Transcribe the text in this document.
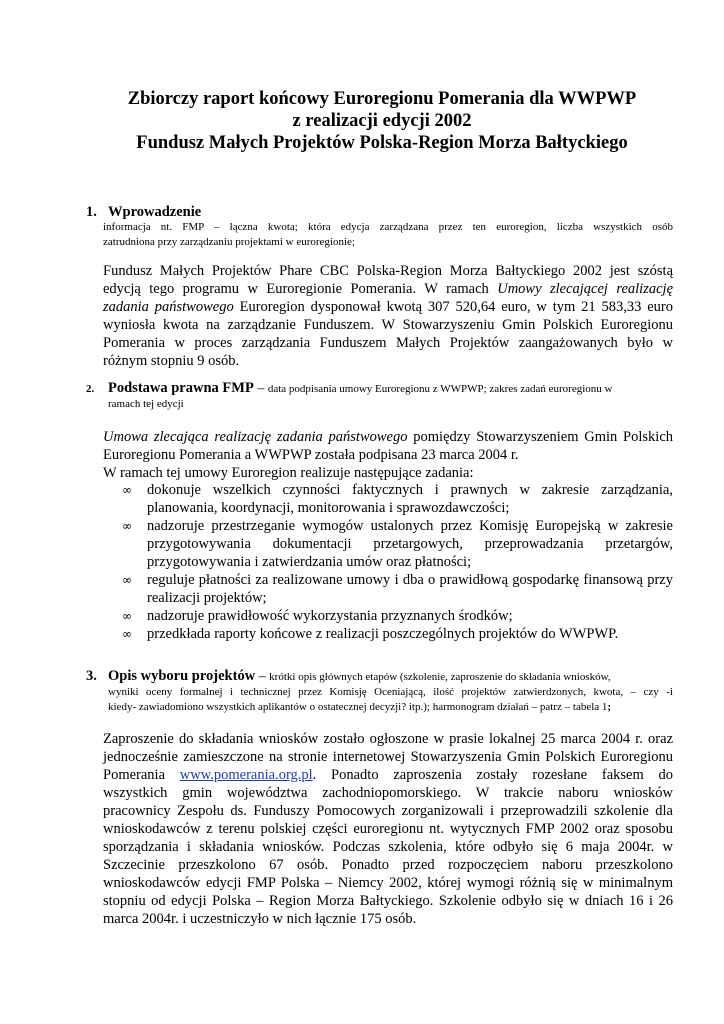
Zbiorczy raport końcowy Euroregionu Pomerania dla WWPWP
z realizacji edycji 2002
Fundusz Małych Projektów Polska-Region Morza Bałtyckiego
1. Wprowadzenie
informacja nt. FMP – łączna kwota; która edycja zarządzana przez ten euroregion, liczba wszystkich osób
zatrudniona przy zarządzaniu projektami w euroregionie;
Fundusz Małych Projektów Phare CBC Polska-Region Morza Bałtyckiego 2002 jest szóstą
edycją tego programu w Euroregionie Pomerania. W ramach Umowy zlecającej realizację
zadania państwowego Euroregion dysponował kwotą 307 520,64 euro, w tym 21 583,33 euro
wyniosła kwota na zarządzanie Funduszem. W Stowarzyszeniu Gmin Polskich Euroregionu
Pomerania w proces zarządzania Funduszem Małych Projektów zaangażowanych było w
różnym stopniu 9 osób.
2. Podstawa prawna FMP – data podpisania umowy Euroregionu z WWPWP; zakres zadań euroregionu w
ramach tej edycji
Umowa zlecająca realizację zadania państwowego pomiędzy Stowarzyszeniem Gmin Polskich
Euroregionu Pomerania a WWPWP została podpisana 23 marca 2004 r.
W ramach tej umowy Euroregion realizuje następujące zadania:
∞ dokonuje wszelkich czynności faktycznych i prawnych w zakresie zarządzania,
planowania, koordynacji, monitorowania i sprawozdawczości;
∞ nadzoruje przestrzeganie wymogów ustalonych przez Komisję Europejską w zakresie
przygotowywania dokumentacji przetargowych, przeprowadzania przetargów,
przygotowywania i zatwierdzania umów oraz płatności;
∞ reguluje płatności za realizowane umowy i dba o prawidłową gospodarkę finansową przy
realizacji projektów;
∞ nadzoruje prawidłowość wykorzystania przyznanych środków;
∞ przedkłada raporty końcowe z realizacji poszczególnych projektów do WWPWP.
3. Opis wyboru projektów – krótki opis głównych etapów (szkolenie, zaproszenie do składania wniosków,
wyniki oceny formalnej i technicznej przez Komisję Oceniającą, ilość projektów zatwierdzonych, kwota, – czy -i
kiedy- zawiadomiono wszystkich aplikantów o ostatecznej decyzji? itp.); harmonogram działań – patrz – tabela 1;
Zaproszenie do składania wniosków zostało ogłoszone w prasie lokalnej 25 marca 2004 r. oraz
jednocześnie zamieszczone na stronie internetowej Stowarzyszenia Gmin Polskich Euroregionu
Pomerania www.pomerania.org.pl. Ponadto zaproszenia zostały rozesłane faksem do
wszystkich gmin województwa zachodniopomorskiego. W trakcie naboru wniosków
pracownicy Zespołu ds. Funduszy Pomocowych zorganizowali i przeprowadzili szkolenie dla
wnioskodawców z terenu polskiej części euroregionu nt. wytycznych FMP 2002 oraz sposobu
sporządzania i składania wniosków. Podczas szkolenia, które odbyło się 6 maja 2004r. w
Szczecinie przeszkolono 67 osób. Ponadto przed rozpoczęciem naboru przeszkolono
wnioskodawców edycji FMP Polska – Niemcy 2002, której wymogi różnią się w minimalnym
stopniu od edycji Polska – Region Morza Bałtyckiego. Szkolenie odbyło się w dniach 16 i 26
marca 2004r. i uczestniczyło w nich łącznie 175 osób.
